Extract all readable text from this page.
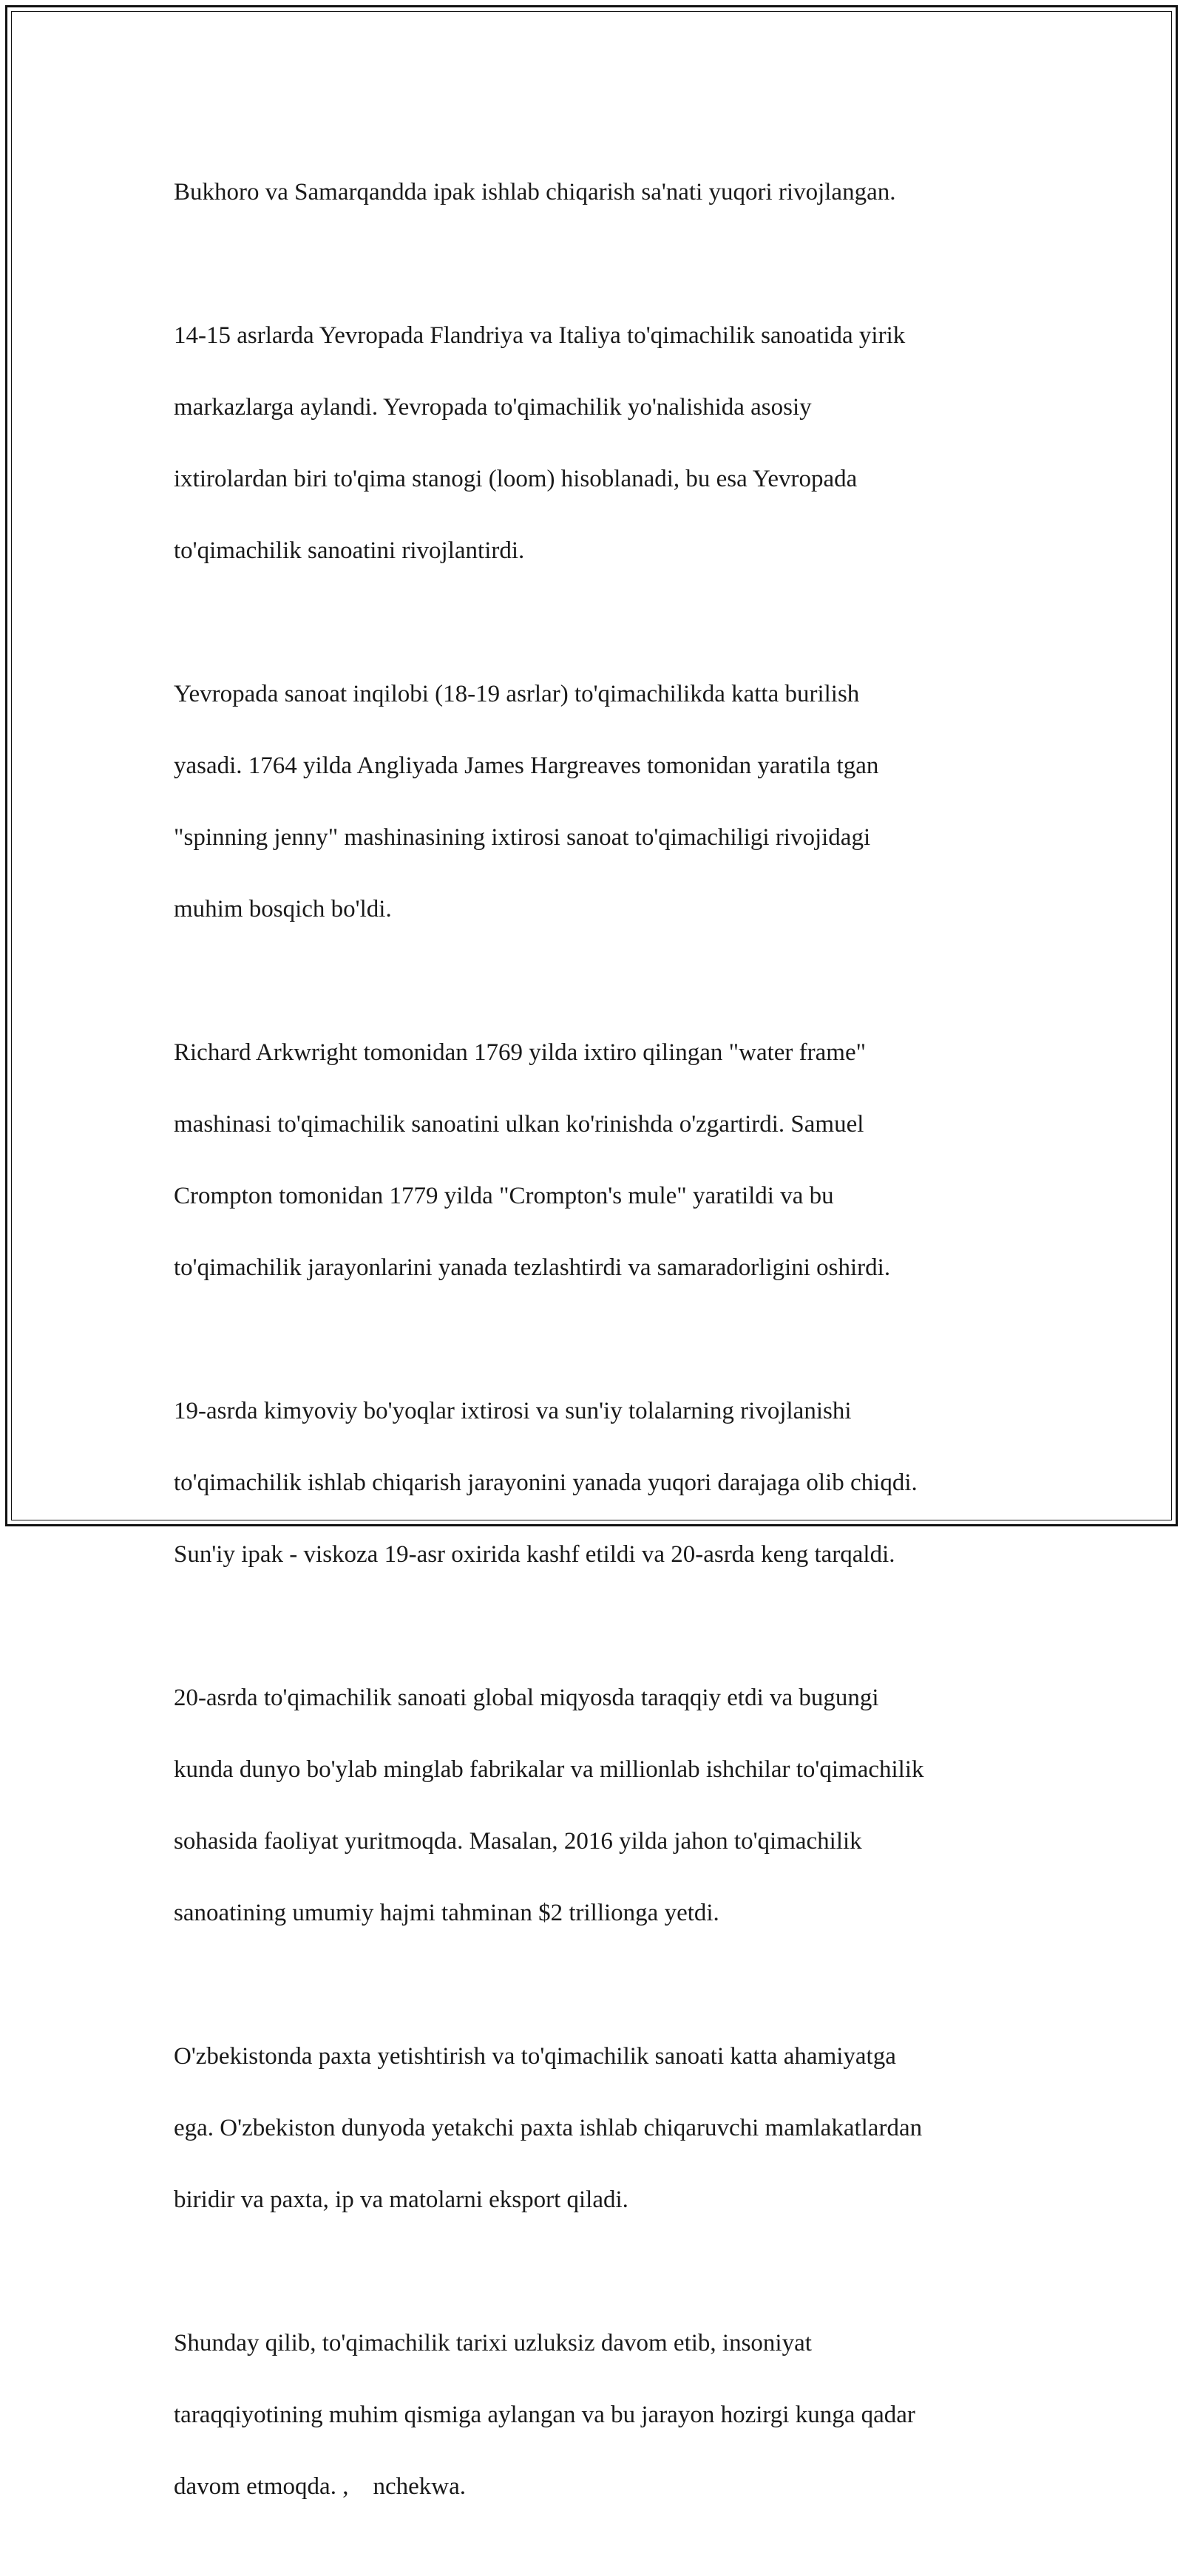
Bukhoro va Samarqandda ipak ishlab chiqarish sa'nati yuqori rivojlangan.

14-15 asrlarda Yevropada Flandriya va Italiya to'qimachilik sanoatida yirik

markazlarga aylandi. Yevropada to'qimachilik yo'nalishida asosiy

ixtirolardan biri to'qima stanogi (loom) hisoblanadi, bu esa Yevropada

to'qimachilik sanoatini rivojlantirdi.

Yevropada sanoat inqilobi (18-19 asrlar) to'qimachilikda katta burilish

yasadi. 1764 yilda Angliyada James Hargreaves tomonidan yaratila tgan

"spinning jenny" mashinasining ixtirosi sanoat to'qimachiligi rivojidagi

muhim bosqich bo'ldi.

Richard Arkwright tomonidan 1769 yilda ixtiro qilingan "water frame"

mashinasi to'qimachilik sanoatini ulkan ko'rinishda o'zgartirdi. Samuel

Crompton tomonidan 1779 yilda "Crompton's mule" yaratildi va bu

to'qimachilik jarayonlarini yanada tezlashtirdi va samaradorligini oshirdi.

19-asrda kimyoviy bo'yoqlar ixtirosi va sun'iy tolalarning rivojlanishi

to'qimachilik ishlab chiqarish jarayonini yanada yuqori darajaga olib chiqdi.

Sun'iy ipak - viskoza 19-asr oxirida kashf etildi va 20-asrda keng tarqaldi.

20-asrda to'qimachilik sanoati global miqyosda taraqqiy etdi va bugungi

kunda dunyo bo'ylab minglab fabrikalar va millionlab ishchilar to'qimachilik

sohasida faoliyat yuritmoqda. Masalan, 2016 yilda jahon to'qimachilik

sanoatining umumiy hajmi tahminan $2 trillionga yetdi.

O'zbekistonda paxta yetishtirish va to'qimachilik sanoati katta ahamiyatga

ega. O'zbekiston dunyoda yetakchi paxta ishlab chiqaruvchi mamlakatlardan

biridir va paxta, ip va matolarni eksport qiladi.

Shunday qilib, to'qimachilik tarixi uzluksiz davom etib, insoniyat

taraqqiyotining muhim qismiga aylangan va bu jarayon hozirgi kunga qadar

davom etmoqda. ,    nchekwa.
